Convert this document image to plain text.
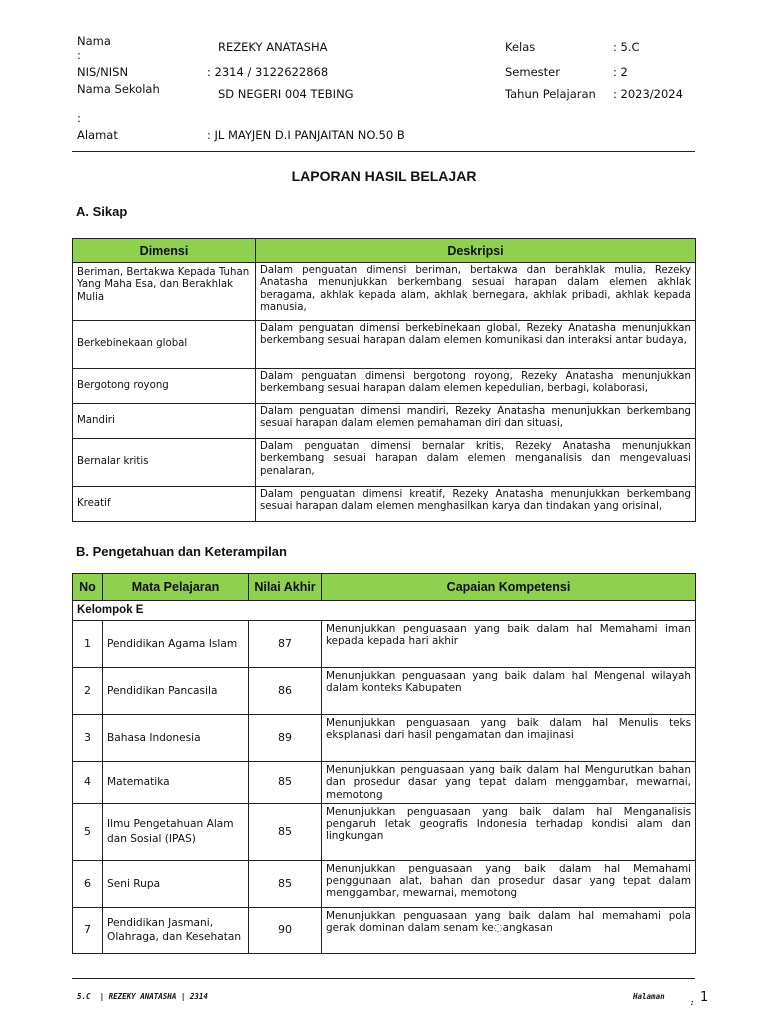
Nama
:
REZEKY ANATASHA
NIS/NISN	: 2314 / 3122622868
Nama Sekolah	SD NEGERI 004 TEBING
:
Alamat	: JL MAYJEN D.I PANJAITAN NO.50 B
Kelas	: 5.C
Semester	: 2
Tahun Pelajaran : 2023/2024
LAPORAN HASIL BELAJAR
A. Sikap
Dimensi	Deskripsi
Beriman, Bertakwa Kepada Tuhan Yang Maha Esa, dan Berakhlak Mulia	Dalam penguatan dimensi beriman, bertakwa dan berahklak mulia, Rezeky Anatasha menunjukkan berkembang sesuai harapan dalam elemen akhlak beragama, akhlak kepada alam, akhlak bernegara, akhlak pribadi, akhlak kepada manusia,
Berkebinekaan global	Dalam penguatan dimensi berkebinekaan global, Rezeky Anatasha menunjukkan berkembang sesuai harapan dalam elemen komunikasi dan interaksi antar budaya,
Bergotong royong	Dalam penguatan dimensi bergotong royong, Rezeky Anatasha menunjukkan berkembang sesuai harapan dalam elemen kepedulian, berbagi, kolaborasi,
Mandiri	Dalam penguatan dimensi mandiri, Rezeky Anatasha menunjukkan berkembang sesuai harapan dalam elemen pemahaman diri dan situasi,
Bernalar kritis	Dalam penguatan dimensi bernalar kritis, Rezeky Anatasha menunjukkan berkembang sesuai harapan dalam elemen menganalisis dan mengevaluasi penalaran,
Kreatif	Dalam penguatan dimensi kreatif, Rezeky Anatasha menunjukkan berkembang sesuai harapan dalam elemen menghasilkan karya dan tindakan yang orisinal,
B. Pengetahuan dan Keterampilan
No	Mata Pelajaran	Nilai Akhir	Capaian Kompetensi
Kelompok E			
1	Pendidikan Agama Islam	87	Menunjukkan penguasaan yang baik dalam hal Memahami iman kepada kepada hari akhir
2	Pendidikan Pancasila	86	Menunjukkan penguasaan yang baik dalam hal Mengenal wilayah dalam konteks Kabupaten
3	Bahasa Indonesia	89	Menunjukkan penguasaan yang baik dalam hal Menulis teks eksplanasi dari hasil pengamatan dan imajinasi
4	Matematika	85	Menunjukkan penguasaan yang baik dalam hal Mengurutkan bahan dan prosedur dasar yang tepat dalam menggambar, mewarnai, memotong
5	Ilmu Pengetahuan Alam dan Sosial (IPAS)	85	Menunjukkan penguasaan yang baik dalam hal Menganalisis pengaruh letak geografis Indonesia terhadap kondisi alam dan lingkungan
6	Seni Rupa	85	Menunjukkan penguasaan yang baik dalam hal Memahami penggunaan alat, bahan dan prosedur dasar yang tepat dalam menggambar, mewarnai, memotong
7	Pendidikan Jasmani, Olahraga, dan Kesehatan	90	Menunjukkan penguasaan yang baik dalam hal memahami pola gerak dominan dalam senam ke◌angkasan
5.C  | REZEKY ANATASHA | 2314	Halaman
: 1
